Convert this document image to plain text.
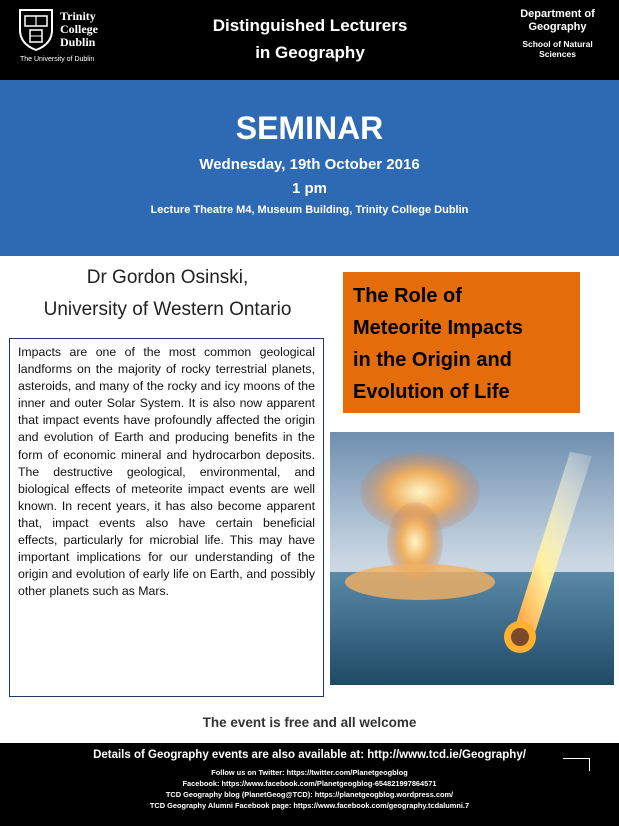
Trinity
College
Dublin
The University of Dublin
Distinguished Lecturers
in Geography
Department of Geography
School of Natural
Sciences
SEMINAR
Wednesday, 19th October 2016
1 pm
Lecture Theatre M4, Museum Building, Trinity College Dublin
Dr Gordon Osinski,
University of Western Ontario
The Role of
Meteorite Impacts
in the Origin and
Evolution of Life
Impacts are one of the most common geological landforms on the majority of rocky terrestrial planets, asteroids, and many of the rocky and icy moons of the inner and outer Solar System. It is also now apparent that impact events have profoundly affected the origin and evolution of Earth and producing benefits in the form of economic mineral and hydrocarbon deposits. The destructive geological, environmental, and biological effects of meteorite impact events are well known. In recent years, it has also become apparent that, impact events also have certain beneficial effects, particularly for microbial life. This may have important implications for our understanding of the origin and evolution of early life on Earth, and possibly other planets such as Mars.
The event is free and all welcome
Details of Geography events are also available at: http://www.tcd.ie/Geography/
Follow us on Twitter: https://twitter.com/Planetgeogblog
Facebook: https://www.facebook.com/Planetgeogblog-654821997864571
TCD Geography blog (PlanetGeog@TCD): https://planetgeogblog.wordpress.com/
TCD Geography Alumni Facebook page: https://www.facebook.com/geography.tcdalumni.7
